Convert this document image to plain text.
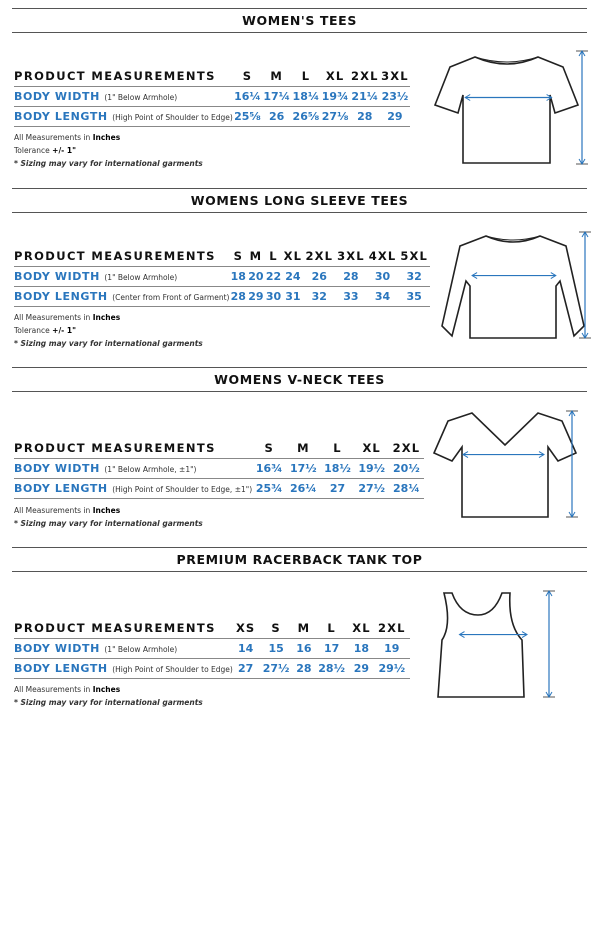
WOMEN'S TEES
PRODUCT MEASUREMENTS	S	M	L	XL	2XL	3XL
BODY WIDTH (1" Below Armhole)	16¼	17¼	18¼	19¾	21¼	23½
BODY LENGTH (High Point of Shoulder to Edge)	25⅝	26	26⅝	27⅛	28	29
All Measurements in Inches
Tolerance +/- 1"
* Sizing may vary for international garments
WOMENS LONG SLEEVE TEES
PRODUCT MEASUREMENTS	S	M	L	XL	2XL	3XL	4XL	5XL
BODY WIDTH (1" Below Armhole)	18	20	22	24	26	28	30	32
BODY LENGTH (Center from Front of Garment)	28	29	30	31	32	33	34	35
All Measurements in Inches
Tolerance +/- 1"
* Sizing may vary for international garments
WOMENS V-NECK TEES
PRODUCT MEASUREMENTS	S	M	L	XL	2XL
BODY WIDTH (1" Below Armhole, ±1")	16¾	17½	18½	19½	20½
BODY LENGTH (High Point of Shoulder to Edge, ±1")	25¾	26¼	27	27½	28¼
All Measurements in Inches
* Sizing may vary for international garments
PREMIUM RACERBACK TANK TOP
PRODUCT MEASUREMENTS	XS	S	M	L	XL	2XL
BODY WIDTH (1" Below Armhole)	14	15	16	17	18	19
BODY LENGTH (High Point of Shoulder to Edge)	27	27½	28	28½	29	29½
All Measurements in Inches
* Sizing may vary for international garments
